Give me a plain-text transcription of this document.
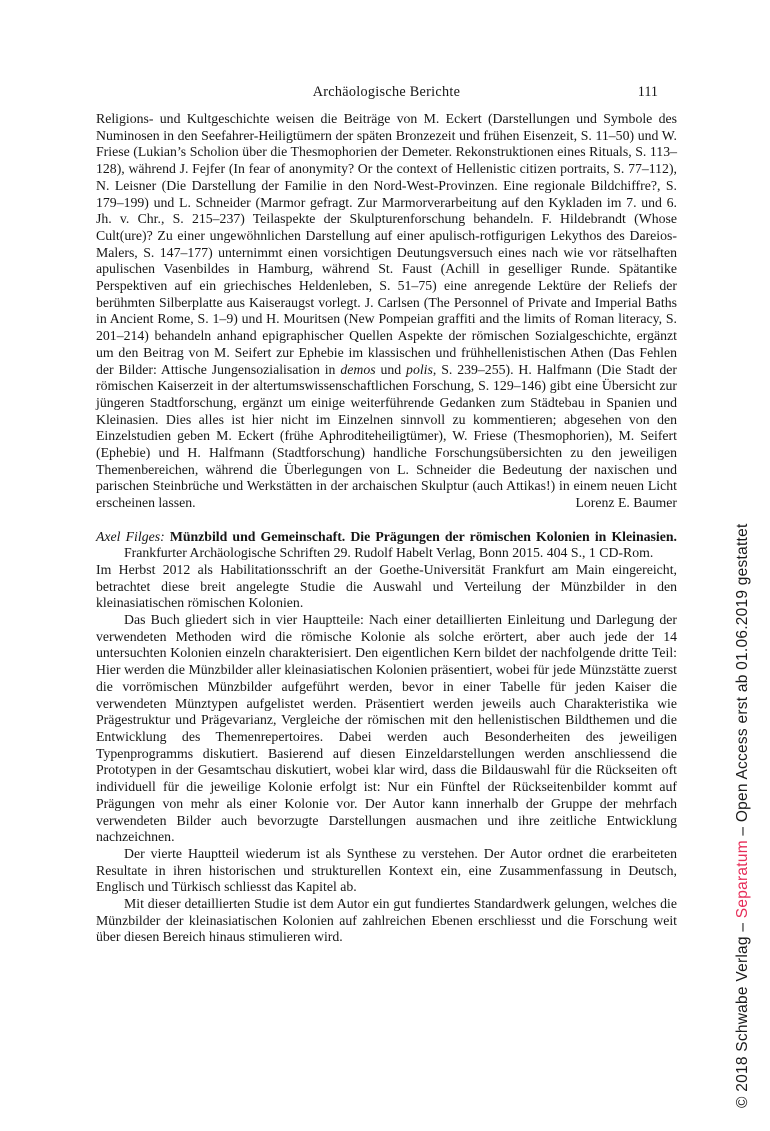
Archäologische Berichte	111

Religions- und Kultgeschichte weisen die Beiträge von M. Eckert (Darstellungen und Symbole des Numinosen in den Seefahrer-Heiligtümern der späten Bronzezeit und frühen Eisenzeit, S. 11–50) und W. Friese (Lukian’s Scholion über die Thesmophorien der Demeter. Rekonstruktionen eines Rituals, S. 113–128), während J. Fejfer (In fear of anonymity? Or the context of Hellenistic citizen portraits, S. 77–112), N. Leisner (Die Darstellung der Familie in den Nord-West-Provinzen. Eine regionale Bildchiffre?, S. 179–199) und L. Schneider (Marmor gefragt. Zur Marmorverarbeitung auf den Kykladen im 7. und 6. Jh. v. Chr., S. 215–237) Teilaspekte der Skulpturenforschung behandeln. F. Hildebrandt (Whose Cult(ure)? Zu einer ungewöhnlichen Darstellung auf einer apulisch-rotfigurigen Lekythos des Dareios-Malers, S. 147–177) unternimmt einen vorsichtigen Deutungsversuch eines nach wie vor rätselhaften apulischen Vasenbildes in Hamburg, während St. Faust (Achill in geselliger Runde. Spätantike Perspektiven auf ein griechisches Heldenleben, S. 51–75) eine anregende Lektüre der Reliefs der berühmten Silberplatte aus Kaiseraugst vorlegt. J. Carlsen (The Personnel of Private and Imperial Baths in Ancient Rome, S. 1–9) und H. Mouritsen (New Pompeian graffiti and the limits of Roman literacy, S. 201–214) behandeln anhand epigraphischer Quellen Aspekte der römischen Sozialgeschichte, ergänzt um den Beitrag von M. Seifert zur Ephebie im klassischen und frühhellenistischen Athen (Das Fehlen der Bilder: Attische Jungensozialisation in demos und polis, S. 239–255). H. Halfmann (Die Stadt der römischen Kaiserzeit in der altertumswissenschaftlichen Forschung, S. 129–146) gibt eine Übersicht zur jüngeren Stadtforschung, ergänzt um einige weiterführende Gedanken zum Städtebau in Spanien und Kleinasien. Dies alles ist hier nicht im Einzelnen sinnvoll zu kommentieren; abgesehen von den Einzelstudien geben M. Eckert (frühe Aphroditeheiligtümer), W. Friese (Thesmophorien), M. Seifert (Ephebie) und H. Halfmann (Stadtforschung) handliche Forschungsübersichten zu den jeweiligen Themenbereichen, während die Überlegungen von L. Schneider die Bedeutung der naxischen und parischen Steinbrüche und Werkstätten in der archaischen Skulptur (auch Attikas!) in einem neuen Licht erscheinen lassen.	Lorenz E. Baumer

Axel Filges: Münzbild und Gemeinschaft. Die Prägungen der römischen Kolonien in Kleinasien. Frankfurter Archäologische Schriften 29. Rudolf Habelt Verlag, Bonn 2015. 404 S., 1 CD-Rom.

Im Herbst 2012 als Habilitationsschrift an der Goethe-Universität Frankfurt am Main eingereicht, betrachtet diese breit angelegte Studie die Auswahl und Verteilung der Münzbilder in den kleinasiatischen römischen Kolonien.

Das Buch gliedert sich in vier Hauptteile: Nach einer detaillierten Einleitung und Darlegung der verwendeten Methoden wird die römische Kolonie als solche erörtert, aber auch jede der 14 untersuchten Kolonien einzeln charakterisiert. Den eigentlichen Kern bildet der nachfolgende dritte Teil: Hier werden die Münzbilder aller kleinasiatischen Kolonien präsentiert, wobei für jede Münzstätte zuerst die vorrömischen Münzbilder aufgeführt werden, bevor in einer Tabelle für jeden Kaiser die verwendeten Münztypen aufgelistet werden. Präsentiert werden jeweils auch Charakteristika wie Prägestruktur und Prägevarianz, Vergleiche der römischen mit den hellenistischen Bildthemen und die Entwicklung des Themenrepertoires. Dabei werden auch Besonderheiten des jeweiligen Typenprogramms diskutiert. Basierend auf diesen Einzeldarstellungen werden anschliessend die Prototypen in der Gesamtschau diskutiert, wobei klar wird, dass die Bildauswahl für die Rückseiten oft individuell für die jeweilige Kolonie erfolgt ist: Nur ein Fünftel der Rückseitenbilder kommt auf Prägungen von mehr als einer Kolonie vor. Der Autor kann innerhalb der Gruppe der mehrfach verwendeten Bilder auch bevorzugte Darstellungen ausmachen und ihre zeitliche Entwicklung nachzeichnen.

Der vierte Hauptteil wiederum ist als Synthese zu verstehen. Der Autor ordnet die erarbeiteten Resultate in ihren historischen und strukturellen Kontext ein, eine Zusammenfassung in Deutsch, Englisch und Türkisch schliesst das Kapitel ab.

Mit dieser detaillierten Studie ist dem Autor ein gut fundiertes Standardwerk gelungen, welches die Münzbilder der kleinasiatischen Kolonien auf zahlreichen Ebenen erschliesst und die Forschung weit über diesen Bereich hinaus stimulieren wird.	© 2018 Schwabe Verlag – Separatum – Open Access erst ab 01.06.2019 gestattet
